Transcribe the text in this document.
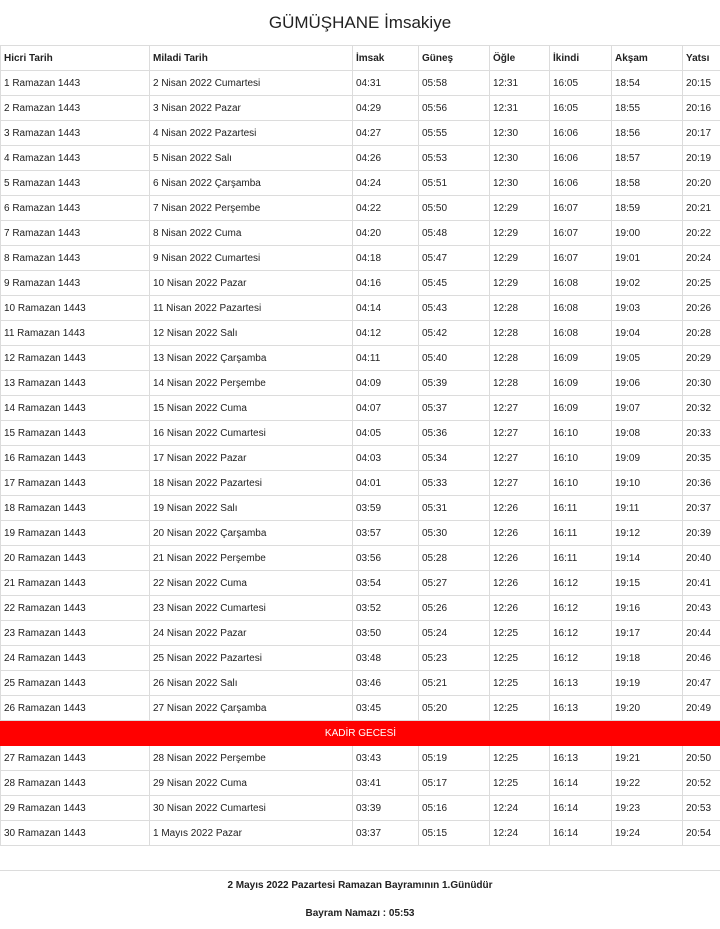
GÜMÜŞHANE İmsakiye
Hicri Tarih	Miladi Tarih	İmsak	Güneş	Öğle	İkindi	Akşam	Yatsı
1 Ramazan 1443	2 Nisan 2022 Cumartesi	04:31	05:58	12:31	16:05	18:54	20:15
2 Ramazan 1443	3 Nisan 2022 Pazar	04:29	05:56	12:31	16:05	18:55	20:16
3 Ramazan 1443	4 Nisan 2022 Pazartesi	04:27	05:55	12:30	16:06	18:56	20:17
4 Ramazan 1443	5 Nisan 2022 Salı	04:26	05:53	12:30	16:06	18:57	20:19
5 Ramazan 1443	6 Nisan 2022 Çarşamba	04:24	05:51	12:30	16:06	18:58	20:20
6 Ramazan 1443	7 Nisan 2022 Perşembe	04:22	05:50	12:29	16:07	18:59	20:21
7 Ramazan 1443	8 Nisan 2022 Cuma	04:20	05:48	12:29	16:07	19:00	20:22
8 Ramazan 1443	9 Nisan 2022 Cumartesi	04:18	05:47	12:29	16:07	19:01	20:24
9 Ramazan 1443	10 Nisan 2022 Pazar	04:16	05:45	12:29	16:08	19:02	20:25
10 Ramazan 1443	11 Nisan 2022 Pazartesi	04:14	05:43	12:28	16:08	19:03	20:26
11 Ramazan 1443	12 Nisan 2022 Salı	04:12	05:42	12:28	16:08	19:04	20:28
12 Ramazan 1443	13 Nisan 2022 Çarşamba	04:11	05:40	12:28	16:09	19:05	20:29
13 Ramazan 1443	14 Nisan 2022 Perşembe	04:09	05:39	12:28	16:09	19:06	20:30
14 Ramazan 1443	15 Nisan 2022 Cuma	04:07	05:37	12:27	16:09	19:07	20:32
15 Ramazan 1443	16 Nisan 2022 Cumartesi	04:05	05:36	12:27	16:10	19:08	20:33
16 Ramazan 1443	17 Nisan 2022 Pazar	04:03	05:34	12:27	16:10	19:09	20:35
17 Ramazan 1443	18 Nisan 2022 Pazartesi	04:01	05:33	12:27	16:10	19:10	20:36
18 Ramazan 1443	19 Nisan 2022 Salı	03:59	05:31	12:26	16:11	19:11	20:37
19 Ramazan 1443	20 Nisan 2022 Çarşamba	03:57	05:30	12:26	16:11	19:12	20:39
20 Ramazan 1443	21 Nisan 2022 Perşembe	03:56	05:28	12:26	16:11	19:14	20:40
21 Ramazan 1443	22 Nisan 2022 Cuma	03:54	05:27	12:26	16:12	19:15	20:41
22 Ramazan 1443	23 Nisan 2022 Cumartesi	03:52	05:26	12:26	16:12	19:16	20:43
23 Ramazan 1443	24 Nisan 2022 Pazar	03:50	05:24	12:25	16:12	19:17	20:44
24 Ramazan 1443	25 Nisan 2022 Pazartesi	03:48	05:23	12:25	16:12	19:18	20:46
25 Ramazan 1443	26 Nisan 2022 Salı	03:46	05:21	12:25	16:13	19:19	20:47
26 Ramazan 1443	27 Nisan 2022 Çarşamba	03:45	05:20	12:25	16:13	19:20	20:49
KADİR GECESİ							
27 Ramazan 1443	28 Nisan 2022 Perşembe	03:43	05:19	12:25	16:13	19:21	20:50
28 Ramazan 1443	29 Nisan 2022 Cuma	03:41	05:17	12:25	16:14	19:22	20:52
29 Ramazan 1443	30 Nisan 2022 Cumartesi	03:39	05:16	12:24	16:14	19:23	20:53
30 Ramazan 1443	1 Mayıs 2022 Pazar	03:37	05:15	12:24	16:14	19:24	20:54
2 Mayıs 2022 Pazartesi Ramazan Bayramının 1.Günüdür
Bayram Namazı : 05:53
